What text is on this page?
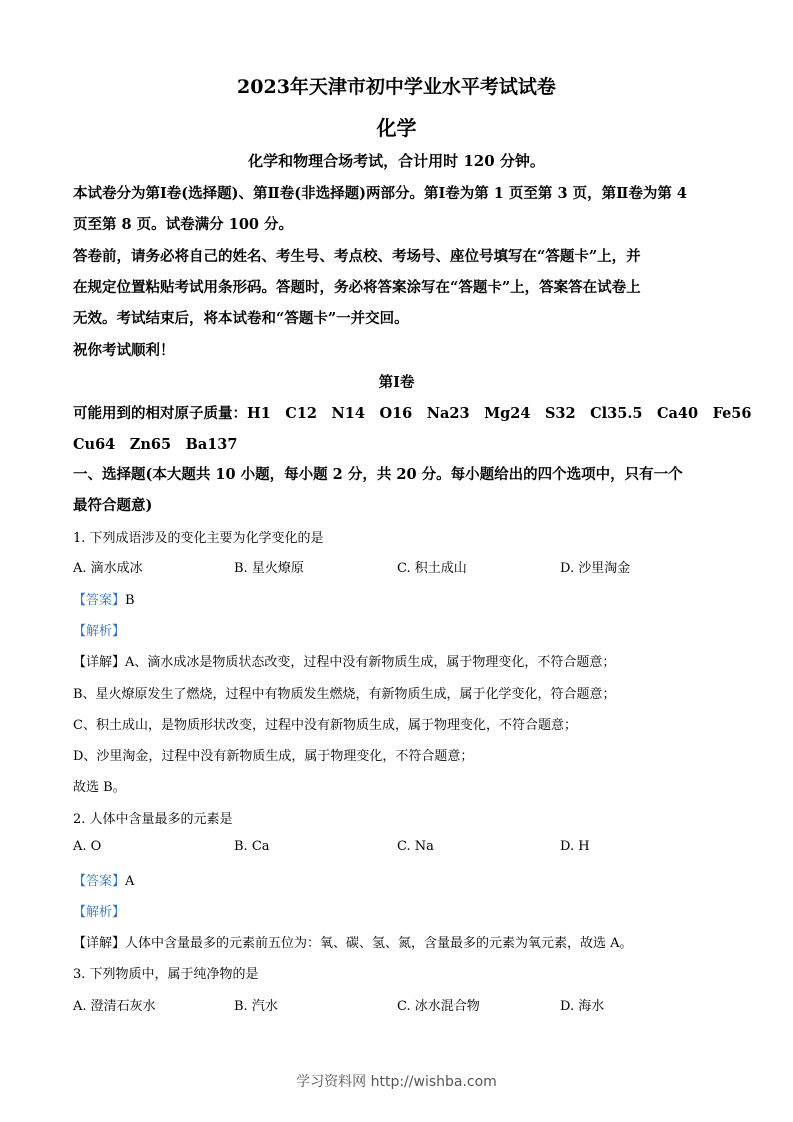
2023年天津市初中学业水平考试试卷
化学
化学和物理合场考试，合计用时 120 分钟。
本试卷分为第Ⅰ卷(选择题)、第Ⅱ卷(非选择题)两部分。第Ⅰ卷为第 1 页至第 3 页，第Ⅱ卷为第 4
页至第 8 页。试卷满分 100 分。
答卷前，请务必将自己的姓名、考生号、考点校、考场号、座位号填写在“答题卡”上，并
在规定位置粘贴考试用条形码。答题时，务必将答案涂写在“答题卡”上，答案答在试卷上
无效。考试结束后，将本试卷和“答题卡”一并交回。
祝你考试顺利！
第Ⅰ卷
可能用到的相对原子质量：H1　C12　N14　O16　Na23　Mg24　S32　Cl35.5　Ca40　Fe56
Cu64　Zn65　Ba137
一、选择题(本大题共 10 小题，每小题 2 分，共 20 分。每小题给出的四个选项中，只有一个
最符合题意)
1. 下列成语涉及的变化主要为化学变化的是
A. 滴水成冰	B. 星火燎原	C. 积土成山	D. 沙里淘金
【答案】B
【解析】
【详解】A、滴水成冰是物质状态改变，过程中没有新物质生成，属于物理变化，不符合题意；
B、星火燎原发生了燃烧，过程中有物质发生燃烧，有新物质生成，属于化学变化，符合题意；
C、积土成山，是物质形状改变，过程中没有新物质生成，属于物理变化，不符合题意；
D、沙里淘金，过程中没有新物质生成，属于物理变化，不符合题意；
故选 B。
2. 人体中含量最多的元素是
A. O	B. Ca	C. Na	D. H
【答案】A
【解析】
【详解】人体中含量最多的元素前五位为：氧、碳、氢、氮，含量最多的元素为氧元素，故选 A。
3. 下列物质中，属于纯净物的是
A. 澄清石灰水	B. 汽水	C. 冰水混合物	D. 海水
学习资料网 http://wishba.com
